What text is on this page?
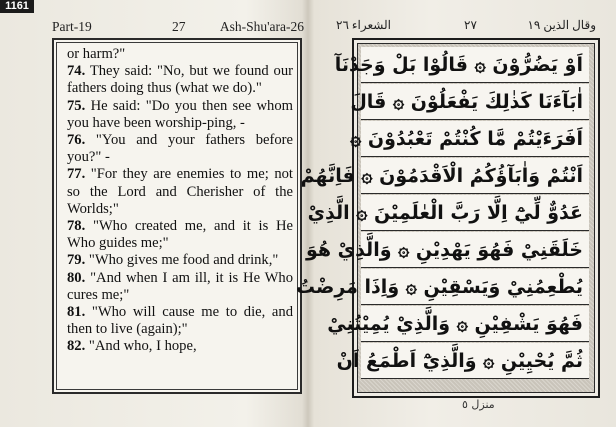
1161
Part-19	27	Ash-Shu'ara-26
or harm?"
74. They said: "No, but we found our fathers doing thus (what we do)."
75. He said: "Do you then see whom you have been worship-ping, -
76. "You and your fathers before you?" -
77. "For they are enemies to me; not so the Lord and Cherisher of the Worlds;"
78. "Who created me, and it is He Who guides me;"
79. "Who gives me food and drink,"
80. "And when I am ill, it is He Who cures me;"
81. "Who will cause me to die, and then to live (again);"
82. "And who, I hope,
الشعراء ٢٦	٢٧	وقال الذين ١٩
اَوْ يَضُرُّوْنَ ۞ قَالُوْا بَلْ وَجَدْنَآ
اٰبَآءَنَا كَذٰلِكَ يَفْعَلُوْنَ ۞ قَالَ
اَفَرَءَيْتُمْ مَّا كُنْتُمْ تَعْبُدُوْنَ ۞
اَنْتُمْ وَاٰبَآؤُكُمُ الْاَقْدَمُوْنَ ۞ فَاِنَّهُمْ
عَدُوٌّ لِّيْٓ اِلَّا رَبَّ الْعٰلَمِيْنَ ۞ الَّذِيْ
خَلَقَنِيْ فَهُوَ يَهْدِيْنِ ۞ وَالَّذِيْ هُوَ
يُطْعِمُنِيْ وَيَسْقِيْنِ ۞ وَاِذَا مَرِضْتُ
فَهُوَ يَشْفِيْنِ ۞ وَالَّذِيْ يُمِيْتُنِيْ
ثُمَّ يُحْيِيْنِ ۞ وَالَّذِيْٓ اَطْمَعُ اَنْ
منزل ٥
